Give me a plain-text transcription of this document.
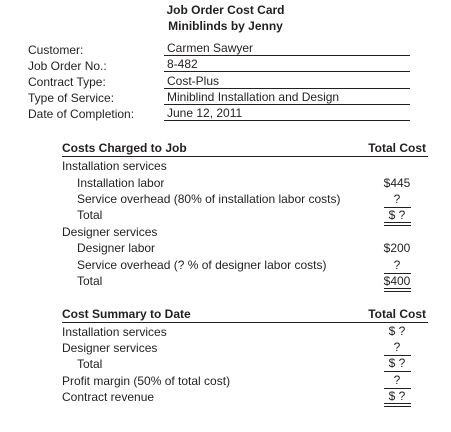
Job Order Cost Card
Miniblinds by Jenny
Customer:	Carmen Sawyer
Job Order No.:	8-482
Contract Type:	Cost-Plus
Type of Service:	Miniblind Installation and Design
Date of Completion:	June 12, 2011
Costs Charged to Job	Total Cost
Installation services
Installation labor	$445
Service overhead (80% of installation labor costs)	?
Total	$ ?
Designer services
Designer labor	$200
Service overhead (? % of designer labor costs)	?
Total	$400
Cost Summary to Date	Total Cost
Installation services	$ ?
Designer services	?
Total	$ ?
Profit margin (50% of total cost)	?
Contract revenue	$ ?
